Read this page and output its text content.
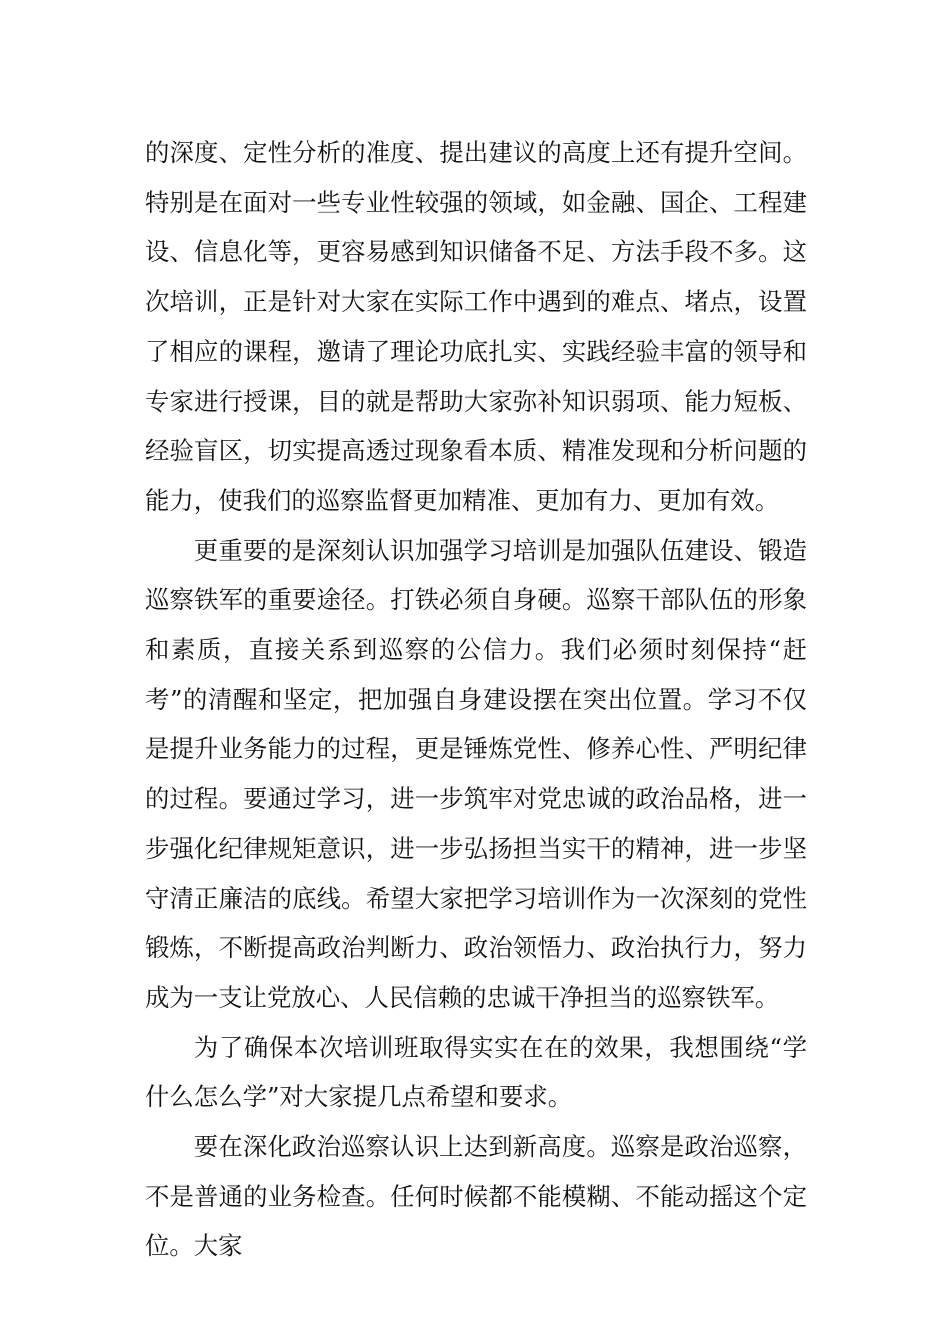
的深度、定性分析的准度、提出建议的高度上还有提升空间。特别是在面对一些专业性较强的领域，如金融、国企、工程建设、信息化等，更容易感到知识储备不足、方法手段不多。这次培训，正是针对大家在实际工作中遇到的难点、堵点，设置了相应的课程，邀请了理论功底扎实、实践经验丰富的领导和专家进行授课，目的就是帮助大家弥补知识弱项、能力短板、经验盲区，切实提高透过现象看本质、精准发现和分析问题的能力，使我们的巡察监督更加精准、更加有力、更加有效。

更重要的是深刻认识加强学习培训是加强队伍建设、锻造巡察铁军的重要途径。打铁必须自身硬。巡察干部队伍的形象和素质，直接关系到巡察的公信力。我们必须时刻保持“赶考”的清醒和坚定，把加强自身建设摆在突出位置。学习不仅是提升业务能力的过程，更是锤炼党性、修养心性、严明纪律的过程。要通过学习，进一步筑牢对党忠诚的政治品格，进一步强化纪律规矩意识，进一步弘扬担当实干的精神，进一步坚守清正廉洁的底线。希望大家把学习培训作为一次深刻的党性锻炼，不断提高政治判断力、政治领悟力、政治执行力，努力成为一支让党放心、人民信赖的忠诚干净担当的巡察铁军。

为了确保本次培训班取得实实在在的效果，我想围绕“学什么怎么学”对大家提几点希望和要求。

要在深化政治巡察认识上达到新高度。巡察是政治巡察，不是普通的业务检查。任何时候都不能模糊、不能动摇这个定位。大家
